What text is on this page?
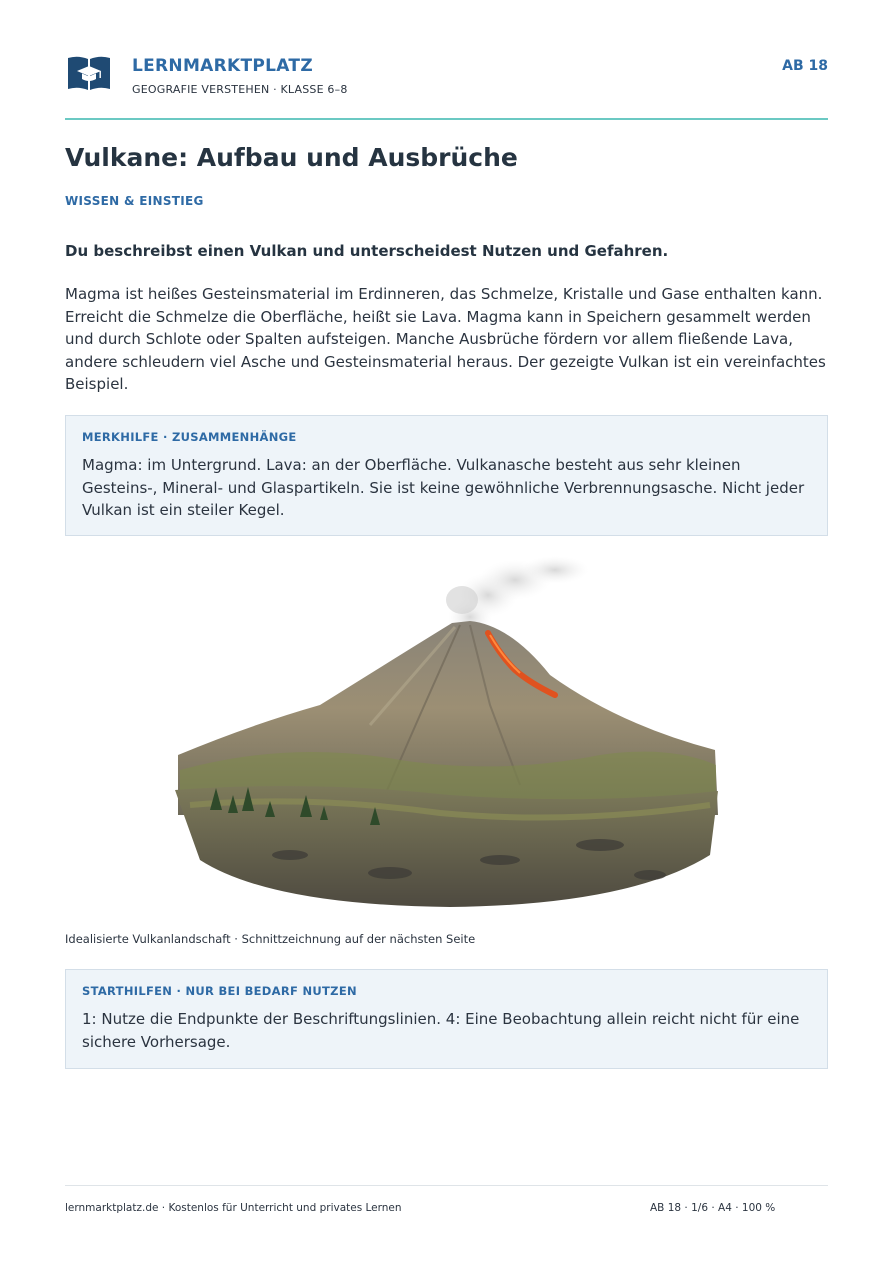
LERNMARKTPLATZ
GEOGRAFIE VERSTEHEN · KLASSE 6–8
AB 18
Vulkane: Aufbau und Ausbrüche
WISSEN & EINSTIEG
Du beschreibst einen Vulkan und unterscheidest Nutzen und Gefahren.

Magma ist heißes Gesteinsmaterial im Erdinneren, das Schmelze, Kristalle und Gase enthalten kann. Erreicht die Schmelze die Oberfläche, heißt sie Lava. Magma kann in Speichern gesammelt werden und durch Schlote oder Spalten aufsteigen. Manche Ausbrüche fördern vor allem fließende Lava, andere schleudern viel Asche und Gesteinsmaterial heraus. Der gezeigte Vulkan ist ein vereinfachtes Beispiel.

MERKHILFE · ZUSAMMENHÄNGE

Magma: im Untergrund. Lava: an der Oberfläche. Vulkanasche besteht aus sehr kleinen Gesteins-, Mineral- und Glaspartikeln. Sie ist keine gewöhnliche Verbrennungsasche. Nicht jeder Vulkan ist ein steiler Kegel.

Idealisierte Vulkanlandschaft · Schnittzeichnung auf der nächsten Seite
STARTHILFEN · NUR BEI BEDARF NUTZEN

1: Nutze die Endpunkte der Beschriftungslinien. 4: Eine Beobachtung allein reicht nicht für eine sichere Vorhersage.

lernmarktplatz.de · Kostenlos für Unterricht und privates Lernen	AB 18 · 1/6 · A4 · 100 %
